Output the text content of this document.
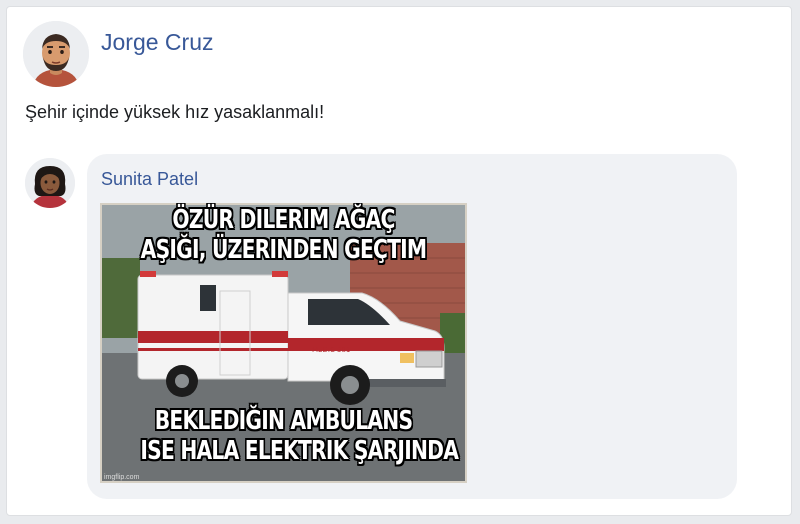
Jorge Cruz
Şehir içinde yüksek hız yasaklanmalı!
Sunita Patel
MEDIC 381
ÖZÜR DILERIM AĞAÇ
AŞIĞI, ÜZERINDEN GEÇTIM
BEKLEDIĞIN AMBULANS
ISE HALA ELEKTRIK ŞARJINDA
imgflip.com
